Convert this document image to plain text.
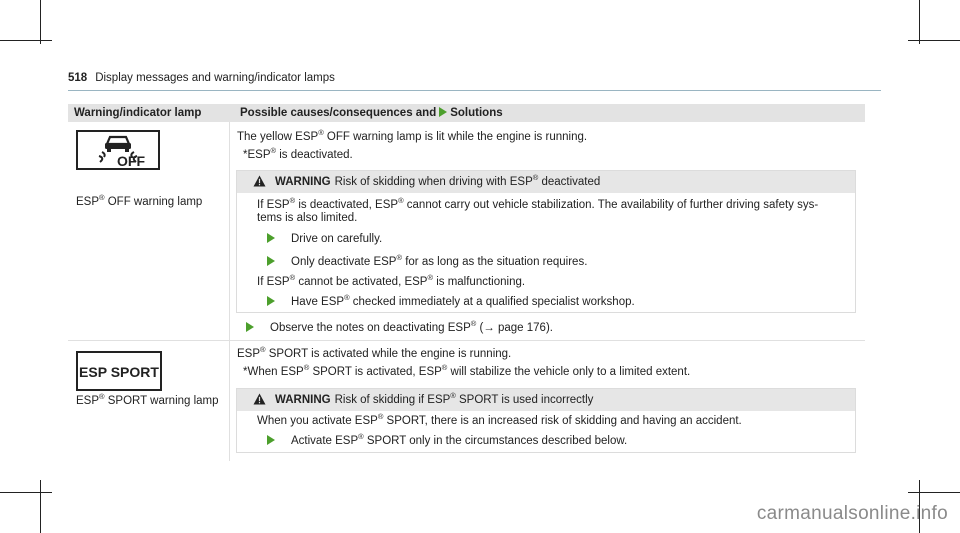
518 Display messages and warning/indicator lamps
Warning/indicator lamp	Possible causes/consequences and Solutions
OFF
ESP® OFF warning lamp
The yellow ESP® OFF warning lamp is lit while the engine is running.
*ESP® is deactivated.
WARNING Risk of skidding when driving with ESP® deactivated
If ESP® is deactivated, ESP® cannot carry out vehicle stabilization. The availability of further driving safety sys-
tems is also limited.
Drive on carefully.
Only deactivate ESP® for as long as the situation requires.
If ESP® cannot be activated, ESP® is malfunctioning.
Have ESP® checked immediately at a qualified specialist workshop.
Observe the notes on deactivating ESP® (→ page 176).
ESP SPORT
ESP® SPORT warning lamp
ESP® SPORT is activated while the engine is running.
*When ESP® SPORT is activated, ESP® will stabilize the vehicle only to a limited extent.
WARNING Risk of skidding if ESP® SPORT is used incorrectly
When you activate ESP® SPORT, there is an increased risk of skidding and having an accident.
Activate ESP® SPORT only in the circumstances described below.
carmanualsonline.info
